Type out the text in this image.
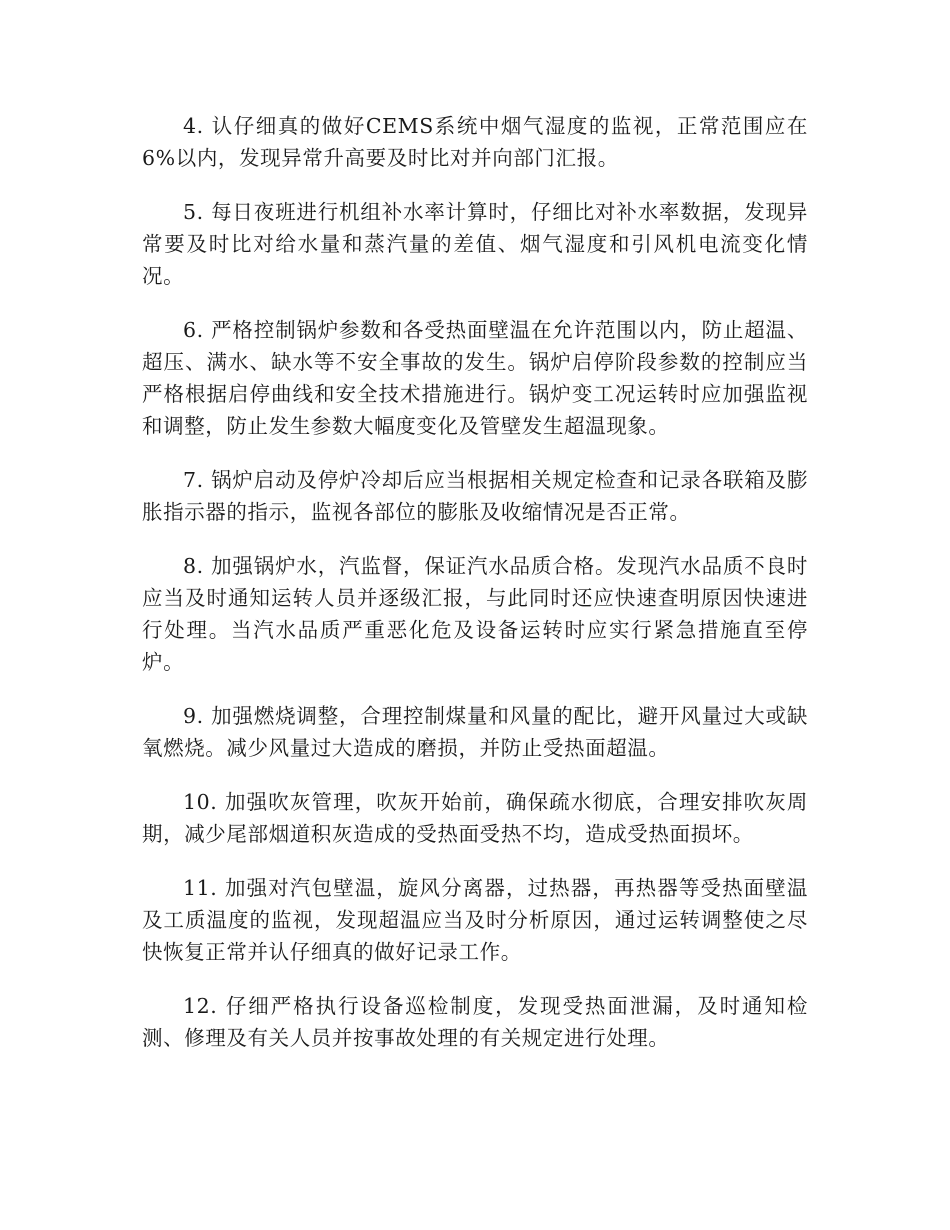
4. 认仔细真的做好CEMS系统中烟气湿度的监视，正常范围应在6%以内，发现异常升高要及时比对并向部门汇报。

5. 每日夜班进行机组补水率计算时，仔细比对补水率数据，发现异常要及时比对给水量和蒸汽量的差值、烟气湿度和引风机电流变化情况。

6. 严格控制锅炉参数和各受热面壁温在允许范围以内，防止超温、超压、满水、缺水等不安全事故的发生。锅炉启停阶段参数的控制应当严格根据启停曲线和安全技术措施进行。锅炉变工况运转时应加强监视和调整，防止发生参数大幅度变化及管壁发生超温现象。

7. 锅炉启动及停炉冷却后应当根据相关规定检查和记录各联箱及膨胀指示器的指示，监视各部位的膨胀及收缩情况是否正常。

8. 加强锅炉水，汽监督，保证汽水品质合格。发现汽水品质不良时应当及时通知运转人员并逐级汇报，与此同时还应快速查明原因快速进行处理。当汽水品质严重恶化危及设备运转时应实行紧急措施直至停炉。

9. 加强燃烧调整，合理控制煤量和风量的配比，避开风量过大或缺氧燃烧。减少风量过大造成的磨损，并防止受热面超温。

10. 加强吹灰管理，吹灰开始前，确保疏水彻底，合理安排吹灰周期，减少尾部烟道积灰造成的受热面受热不均，造成受热面损坏。

11. 加强对汽包壁温，旋风分离器，过热器，再热器等受热面壁温及工质温度的监视，发现超温应当及时分析原因，通过运转调整使之尽快恢复正常并认仔细真的做好记录工作。

12. 仔细严格执行设备巡检制度，发现受热面泄漏，及时通知检测、修理及有关人员并按事故处理的有关规定进行处理。
